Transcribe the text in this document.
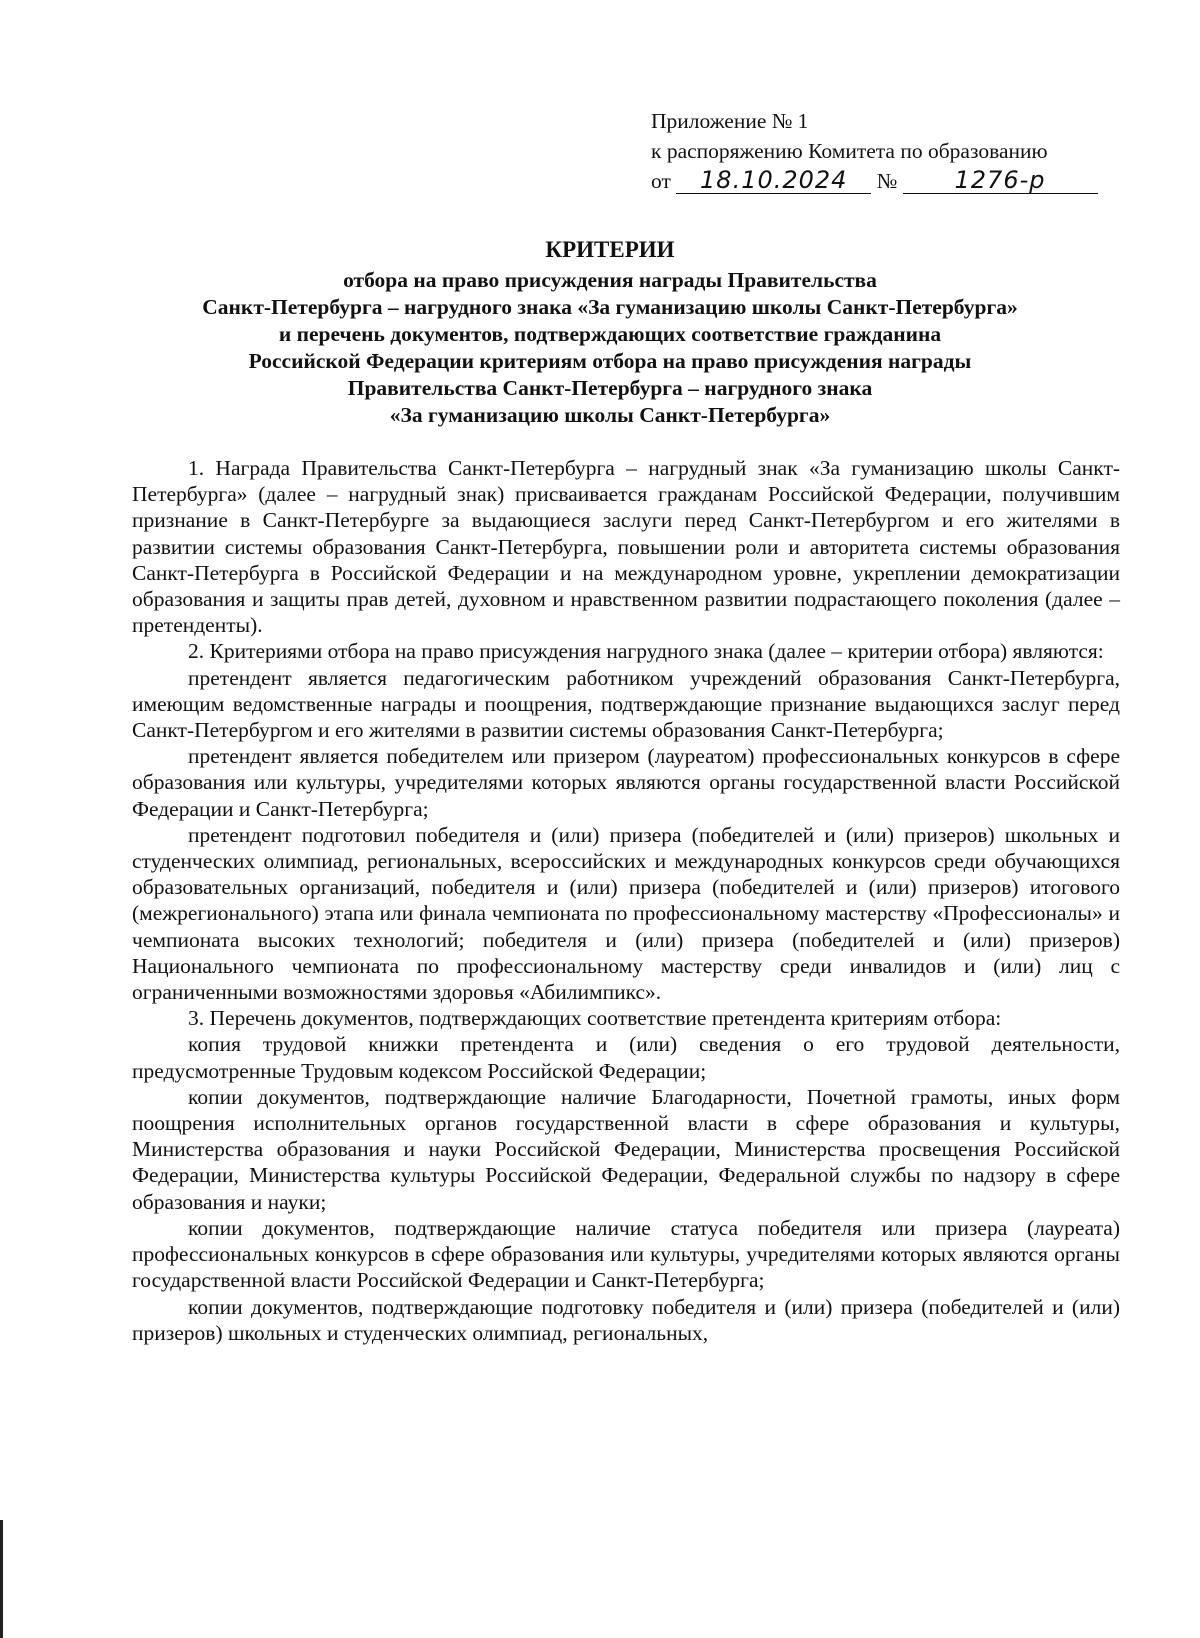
Приложение № 1
к распоряжению Комитета по образованию
от 18.10.2024 № 1276-р
КРИТЕРИИ
отбора на право присуждения награды Правительства
Санкт-Петербурга – нагрудного знака «За гуманизацию школы Санкт-Петербурга»
и перечень документов, подтверждающих соответствие гражданина
Российской Федерации критериям отбора на право присуждения награды
Правительства Санкт-Петербурга – нагрудного знака
«За гуманизацию школы Санкт-Петербурга»

1. Награда Правительства Санкт-Петербурга – нагрудный знак «За гуманизацию школы Санкт-Петербурга» (далее – нагрудный знак) присваивается гражданам Российской Федерации, получившим признание в Санкт-Петербурге за выдающиеся заслуги перед Санкт-Петербургом и его жителями в развитии системы образования Санкт-Петербурга, повышении роли и авторитета системы образования Санкт-Петербурга в Российской Федерации и на международном уровне, укреплении демократизации образования и защиты прав детей, духовном и нравственном развитии подрастающего поколения (далее – претенденты).

2. Критериями отбора на право присуждения нагрудного знака (далее – критерии отбора) являются:

претендент является педагогическим работником учреждений образования Санкт-Петербурга, имеющим ведомственные награды и поощрения, подтверждающие признание выдающихся заслуг перед Санкт-Петербургом и его жителями в развитии системы образования Санкт-Петербурга;

претендент является победителем или призером (лауреатом) профессиональных конкурсов в сфере образования или культуры, учредителями которых являются органы государственной власти Российской Федерации и Санкт-Петербурга;

претендент подготовил победителя и (или) призера (победителей и (или) призеров) школьных и студенческих олимпиад, региональных, всероссийских и международных конкурсов среди обучающихся образовательных организаций, победителя и (или) призера (победителей и (или) призеров) итогового (межрегионального) этапа или финала чемпионата по профессиональному мастерству «Профессионалы» и чемпионата высоких технологий; победителя и (или) призера (победителей и (или) призеров) Национального чемпионата по профессиональному мастерству среди инвалидов и (или) лиц с ограниченными возможностями здоровья «Абилимпикс».

3. Перечень документов, подтверждающих соответствие претендента критериям отбора:

копия трудовой книжки претендента и (или) сведения о его трудовой деятельности, предусмотренные Трудовым кодексом Российской Федерации;

копии документов, подтверждающие наличие Благодарности, Почетной грамоты, иных форм поощрения исполнительных органов государственной власти в сфере образования и культуры, Министерства образования и науки Российской Федерации, Министерства просвещения Российской Федерации, Министерства культуры Российской Федерации, Федеральной службы по надзору в сфере образования и науки;

копии документов, подтверждающие наличие статуса победителя или призера (лауреата) профессиональных конкурсов в сфере образования или культуры, учредителями которых являются органы государственной власти Российской Федерации и Санкт-Петербурга;

копии документов, подтверждающие подготовку победителя и (или) призера (победителей и (или) призеров) школьных и студенческих олимпиад, региональных,
